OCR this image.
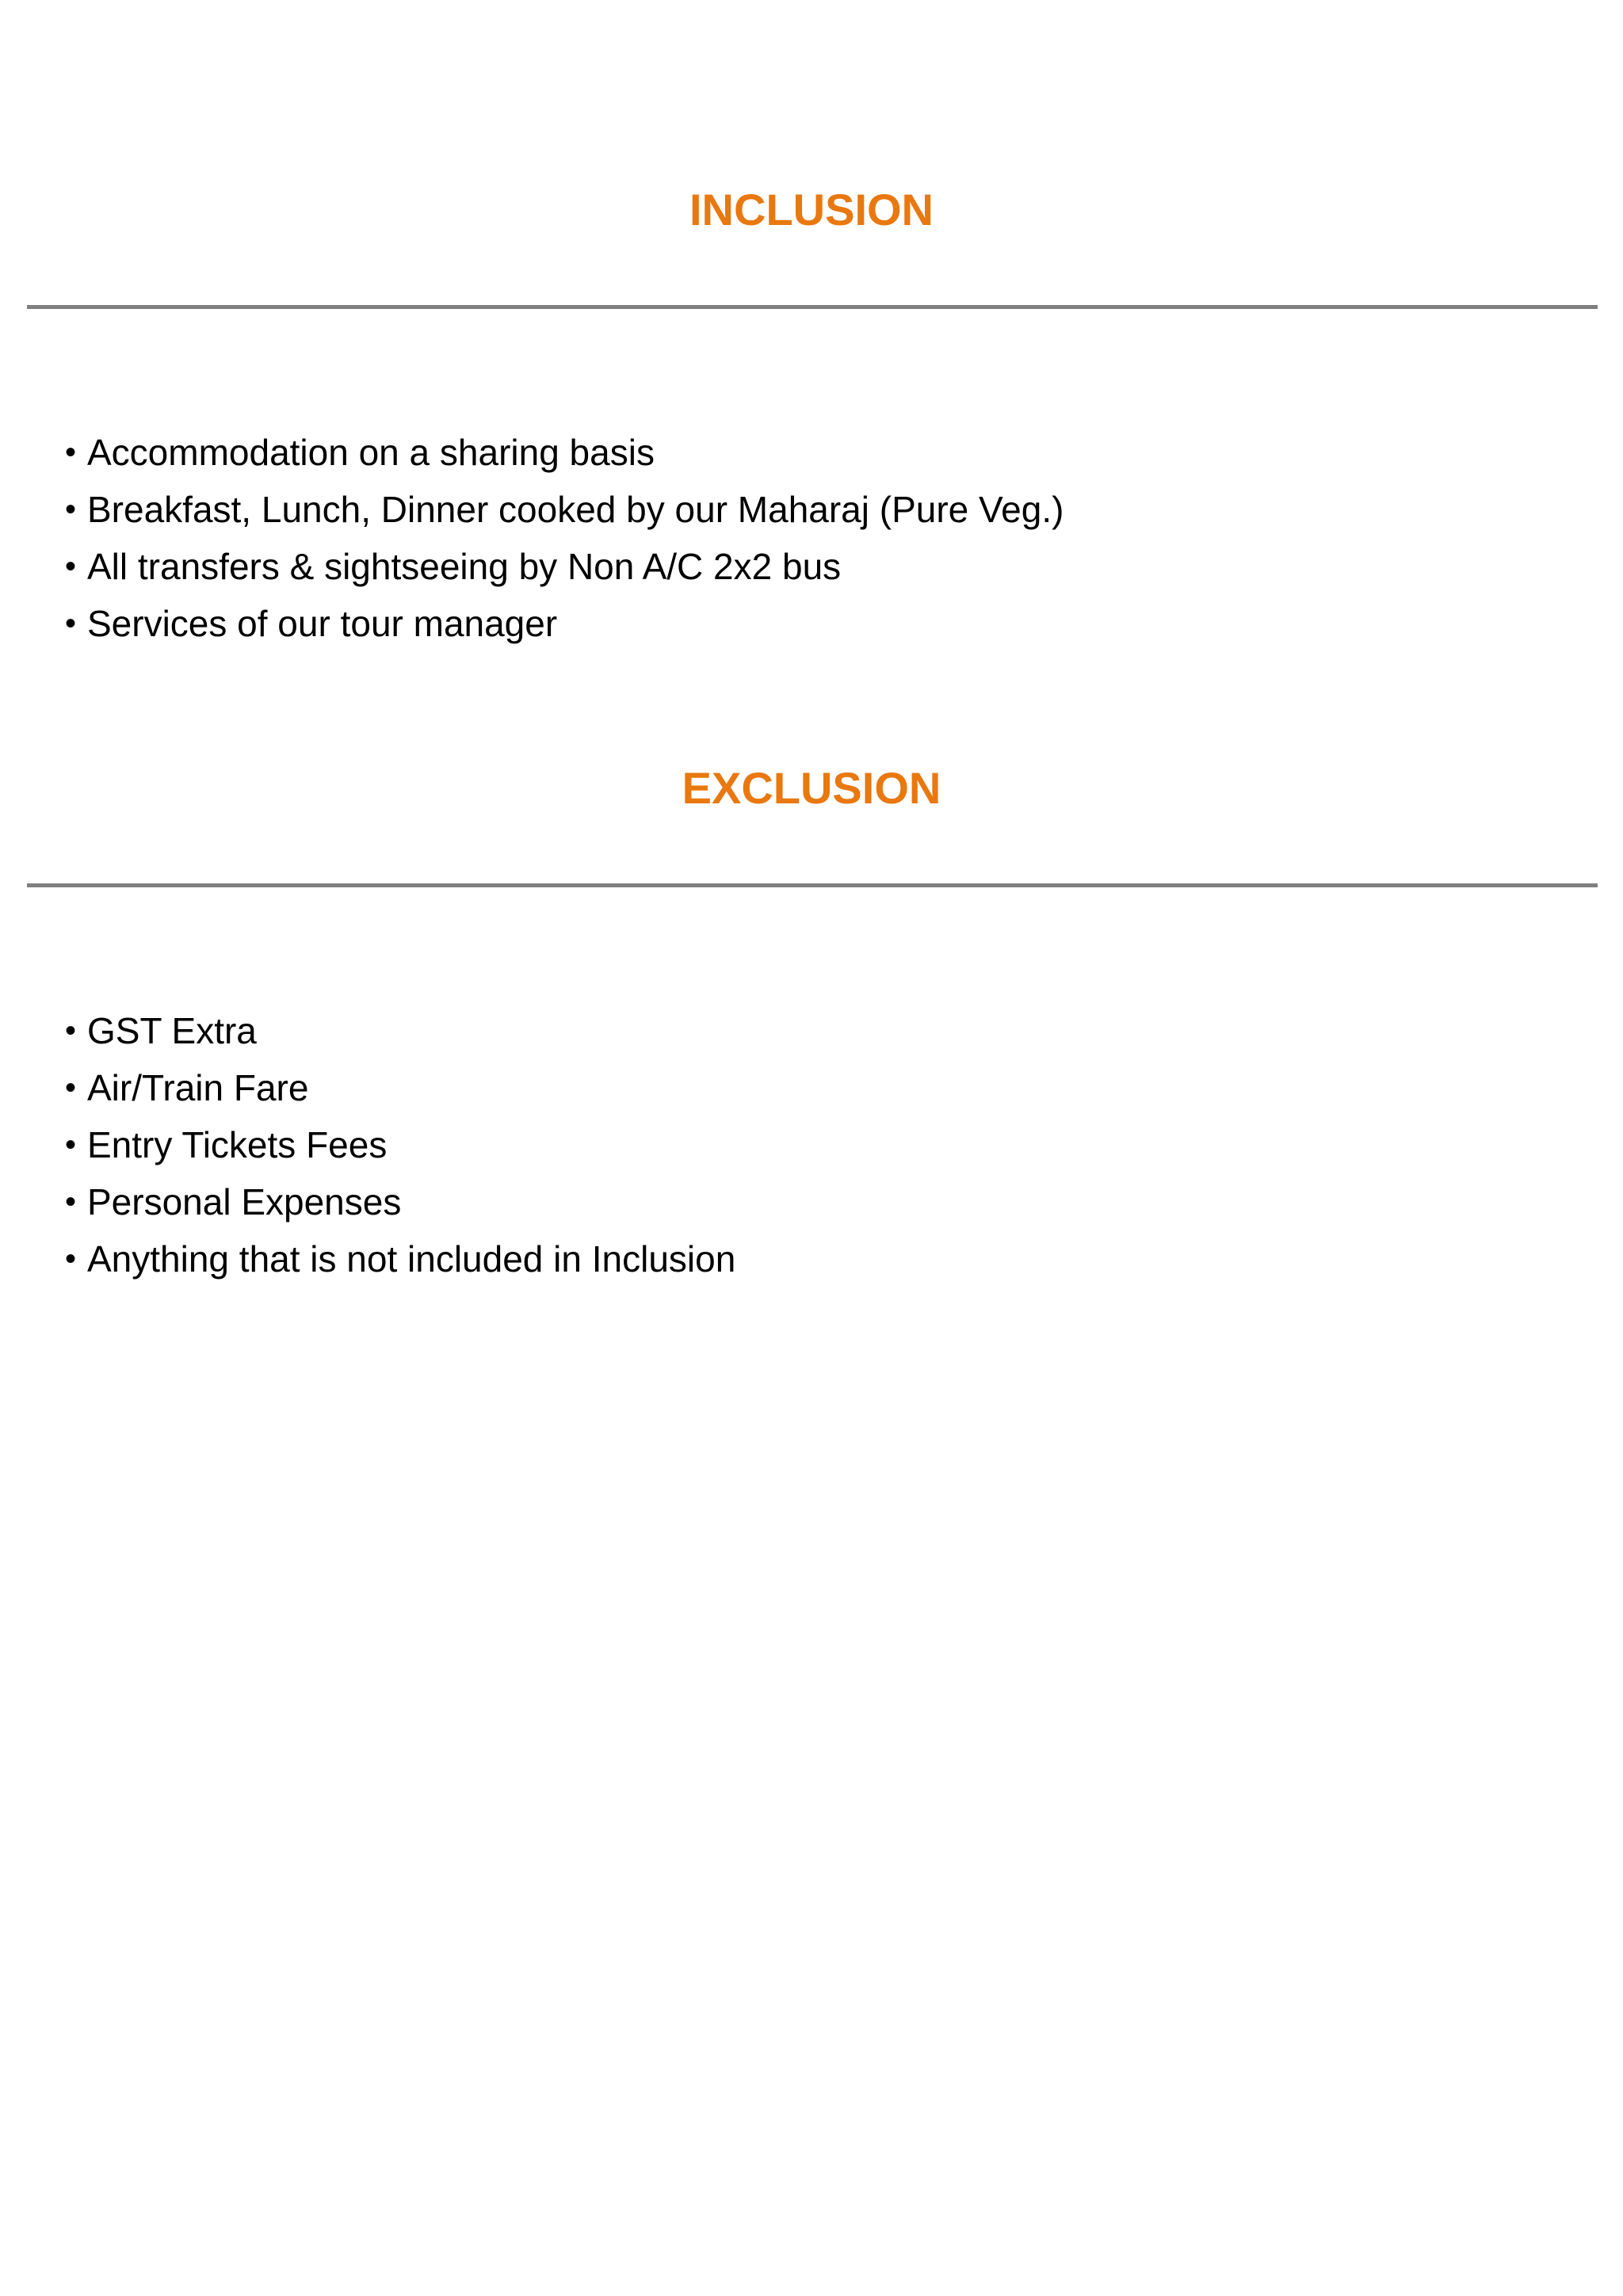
INCLUSION
• Accommodation on a sharing basis
• Breakfast, Lunch, Dinner cooked by our Maharaj (Pure Veg.)
• All transfers & sightseeing by Non A/C 2x2 bus
• Services of our tour manager
EXCLUSION
• GST Extra
• Air/Train Fare
• Entry Tickets Fees
• Personal Expenses
• Anything that is not included in Inclusion
